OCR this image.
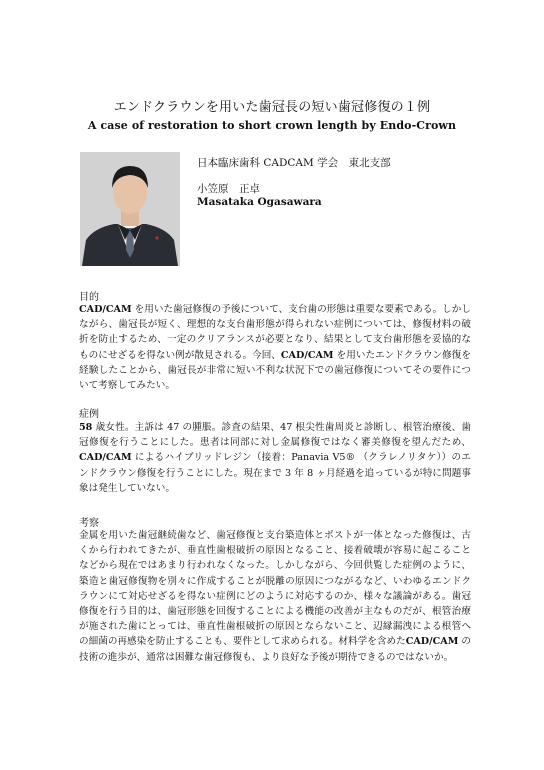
エンドクラウンを用いた歯冠長の短い歯冠修復の１例
A case of restoration to short crown length by Endo-Crown
日本臨床歯科 CADCAM 学会　東北支部
小笠原　正卓
Masataka Ogasawara
目的

CAD/CAM を用いた歯冠修復の予後について、支台歯の形態は重要な要素である。しかしながら、歯冠長が短く、理想的な支台歯形態が得られない症例については、修復材料の破折を防止するため、一定のクリアランスが必要となり、結果として支台歯形態を妥協的なものにせざるを得ない例が散見される。今回、CAD/CAM を用いたエンドクラウン修復を経験したことから、歯冠長が非常に短い不利な状況下での歯冠修復についてその要件について考察してみたい。

症例

58 歳女性。主訴は 47 の腫脹。診査の結果、47 根尖性歯周炎と診断し、根管治療後、歯冠修復を行うことにした。患者は同部に対し金属修復ではなく審美修復を望んだため、CAD/CAM によるハイブリッドレジン（接着：Panavia V5® （クラレノリタケ））のエンドクラウン修復を行うことにした。現在まで 3 年 8 ヶ月経過を追っているが特に問題事象は発生していない。

考察

金属を用いた歯冠継続歯など、歯冠修復と支台築造体とポストが一体となった修復は、古くから行われてきたが、垂直性歯根破折の原因となること、接着破壊が容易に起こることなどから現在ではあまり行われなくなった。しかしながら、今回供覧した症例のように、築造と歯冠修復物を別々に作成することが脱離の原因につながるなど、いわゆるエンドクラウンにて対応せざるを得ない症例にどのように対応するのか、様々な議論がある。歯冠修復を行う目的は、歯冠形態を回復することによる機能の改善が主なものだが、根管治療が施された歯にとっては、垂直性歯根破折の原因とならないこと、辺縁漏洩による根管への細菌の再感染を防止することも、要件として求められる。材料学を含めたCAD/CAM の技術の進歩が、通常は困難な歯冠修復も、より良好な予後が期待できるのではないか。
